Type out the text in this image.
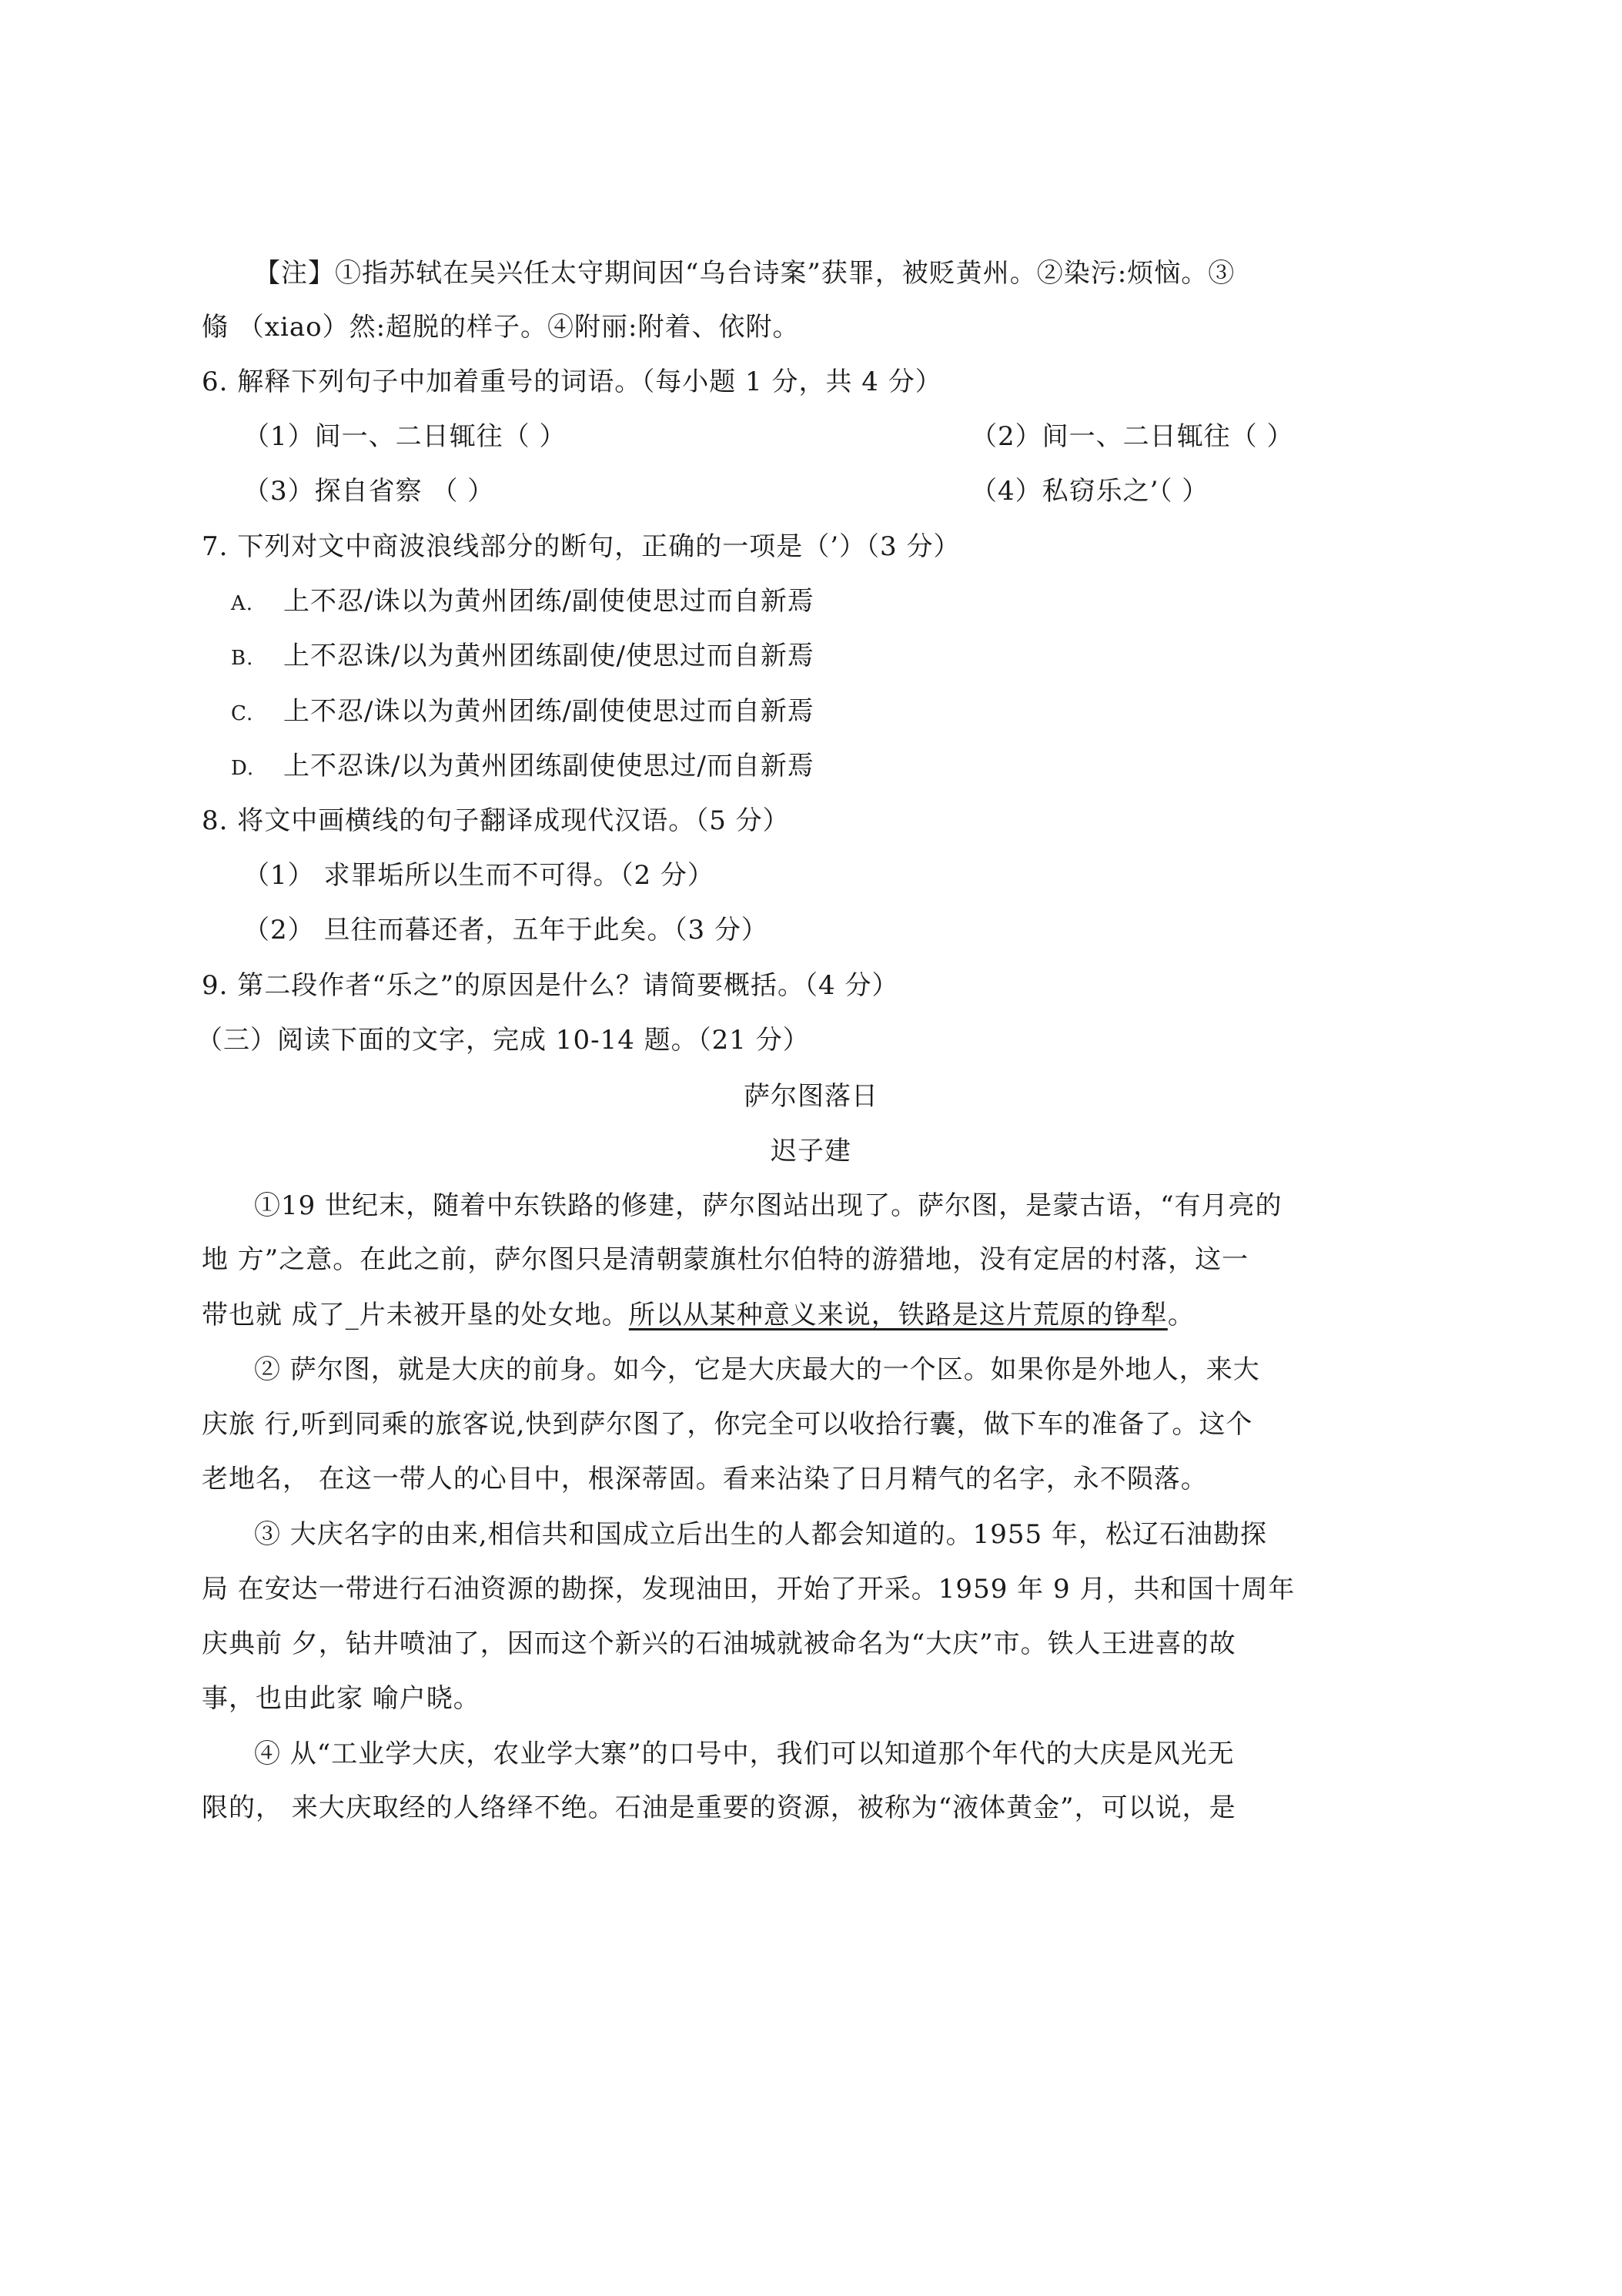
【注】①指苏轼在吴兴任太守期间因“乌台诗案”获罪，被贬黄州。②染污:烦恼。③
翛 （xiao）然:超脱的样子。④附丽:附着、依附。
6. 解释下列句子中加着重号的词语。（每小题 1 分，共 4 分）
（1）间一、二日辄往（ ）	（2）间一、二日辄往（ ）
（3）探自省察 （ ）	（4）私窃乐之’（ ）
7. 下列对文中商波浪线部分的断句，正确的一项是（’）（3 分）
A. 上不忍/诛以为黄州团练/副使使思过而自新焉
B. 上不忍诛/以为黄州团练副使/使思过而自新焉
C. 上不忍/诛以为黄州团练/副使使思过而自新焉
D. 上不忍诛/以为黄州团练副使使思过/而自新焉
8. 将文中画横线的句子翻译成现代汉语。（5 分）
（1） 求罪垢所以生而不可得。（2 分）
（2） 旦往而暮还者，五年于此矣。（3 分）
9. 第二段作者“乐之”的原因是什么？请简要概括。（4 分）
（三）阅读下面的文字，完成 10-14 题。（21 分）
萨尔图落日
迟子建
①19 世纪末，随着中东铁路的修建，萨尔图站出现了。萨尔图，是蒙古语，“有月亮的
地 方”之意。在此之前，萨尔图只是清朝蒙旗杜尔伯特的游猎地，没有定居的村落，这一
带也就 成了_片未被开垦的处女地。所以从某种意义来说，铁路是这片荒原的铮犁。
② 萨尔图，就是大庆的前身。如今，它是大庆最大的一个区。如果你是外地人，来大
庆旅 行,听到同乘的旅客说,快到萨尔图了，你完全可以收拾行囊，做下车的准备了。这个
老地名， 在这一带人的心目中，根深蒂固。看来沾染了日月精气的名字，永不陨落。
③ 大庆名字的由来,相信共和国成立后出生的人都会知道的。1955 年，松辽石油勘探
局 在安达一带进行石油资源的勘探，发现油田，开始了开采。1959 年 9 月，共和国十周年
庆典前 夕，钻井喷油了，因而这个新兴的石油城就被命名为“大庆”市。铁人王进喜的故
事，也由此家 喻户晓。
④ 从“工业学大庆，农业学大寨”的口号中，我们可以知道那个年代的大庆是风光无
限的， 来大庆取经的人络绎不绝。石油是重要的资源，被称为“液体黄金”，可以说，是
